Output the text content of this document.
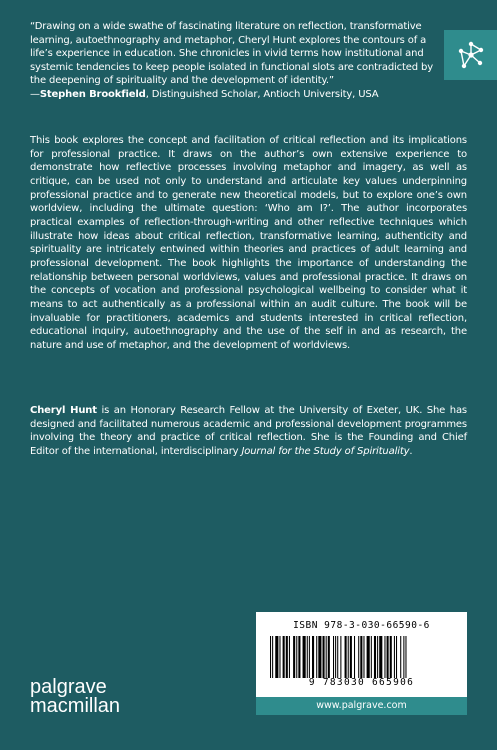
“Drawing on a wide swathe of fascinating literature on reflection, transformative learning, autoethnography and metaphor, Cheryl Hunt explores the contours of a life’s experience in education. She chronicles in vivid terms how institutional and systemic tendencies to keep people isolated in functional slots are contradicted by the deepening of spirituality and the development of identity.”
—Stephen Brookfield, Distinguished Scholar, Antioch University, USA
This book explores the concept and facilitation of critical reflection and its implications for professional practice. It draws on the author’s own extensive experience to demonstrate how reflective processes involving metaphor and imagery, as well as critique, can be used not only to understand and articulate key values underpinning professional practice and to generate new theoretical models, but to explore one’s own worldview, including the ultimate question: ‘Who am I?’. The author incorporates practical examples of reflection-through-writing and other reflective techniques which illustrate how ideas about critical reflection, transformative learning, authenticity and spirituality are intricately entwined within theories and practices of adult learning and professional development. The book highlights the importance of understanding the relationship between personal worldviews, values and professional practice. It draws on the concepts of vocation and professional psychological wellbeing to consider what it means to act authentically as a professional within an audit culture. The book will be invaluable for practitioners, academics and students interested in critical reflection, educational inquiry, autoethnography and the use of the self in and as research, the nature and use of metaphor, and the development of worldviews.
Cheryl Hunt is an Honorary Research Fellow at the University of Exeter, UK. She has designed and facilitated numerous academic and professional development programmes involving the theory and practice of critical reflection. She is the Founding and Chief Editor of the international, interdisciplinary Journal for the Study of Spirituality.
palgrave
macmillan
ISBN 978-3-030-66590-6
9 783030 665906
www.palgrave.com
